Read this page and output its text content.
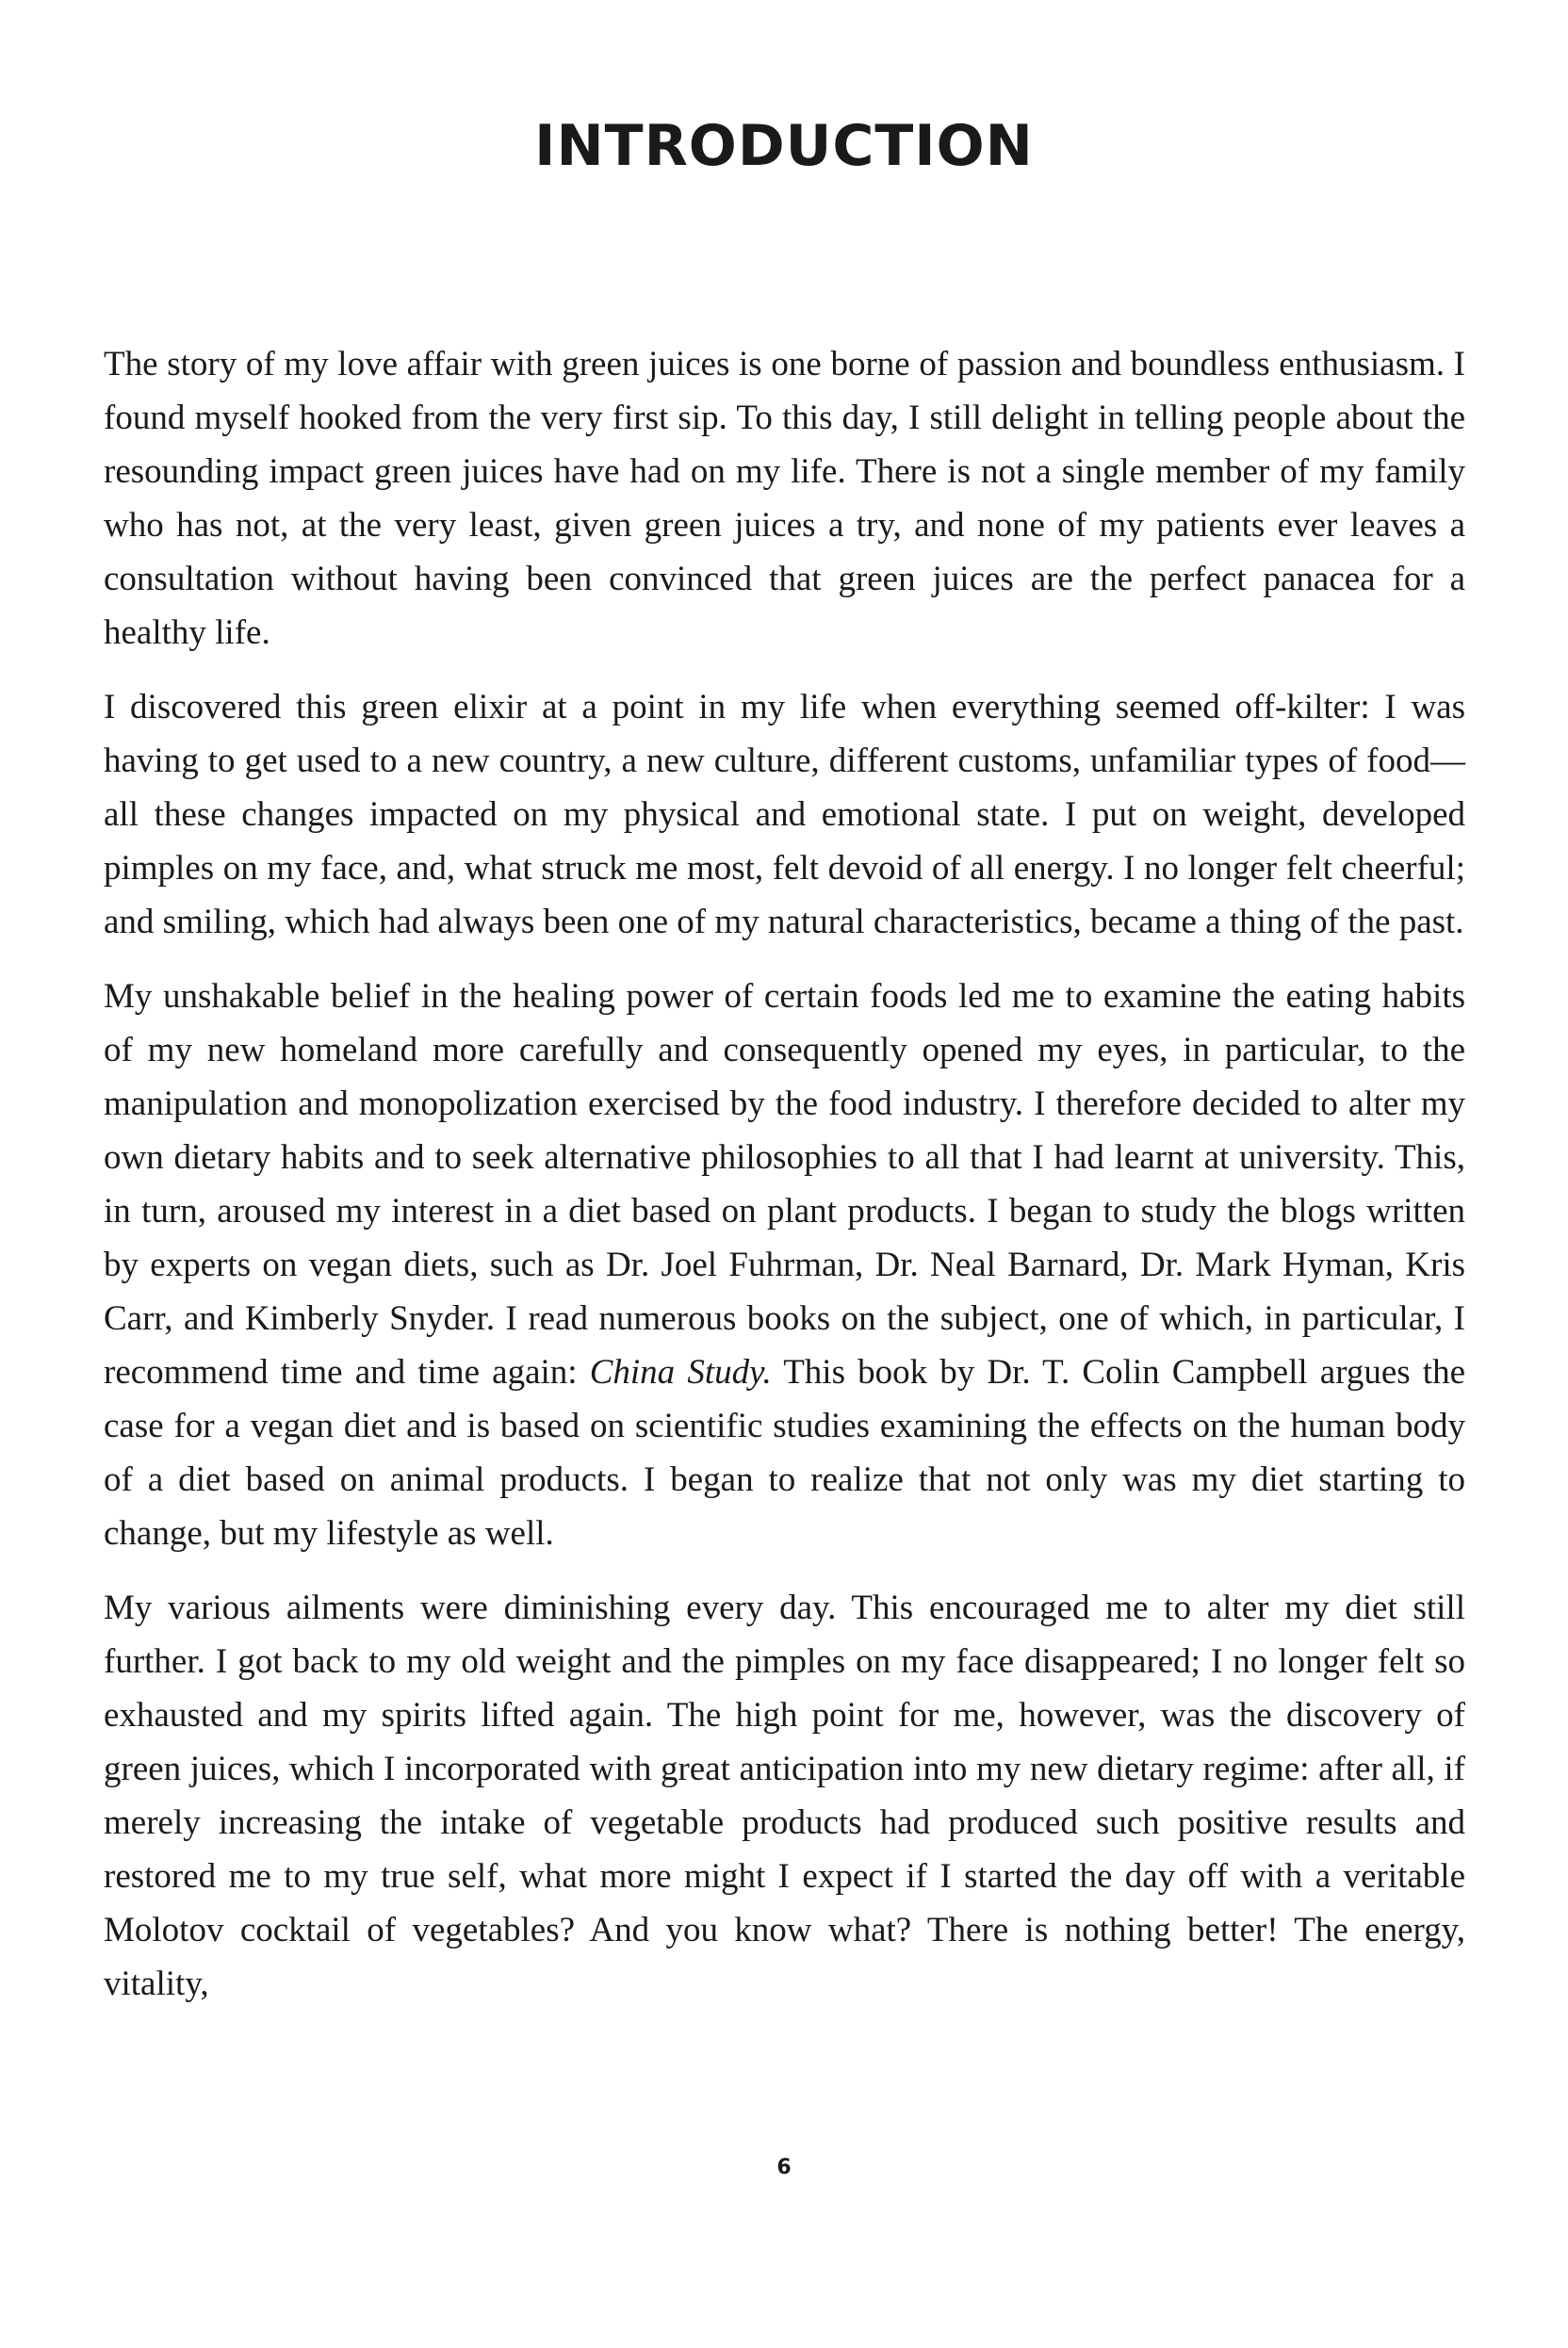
INTRODUCTION

The story of my love affair with green juices is one borne of passion and boundless enthusiasm. I found myself hooked from the very first sip. To this day, I still delight in telling people about the resounding impact green juices have had on my life. There is not a single member of my family who has not, at the very least, given green juices a try, and none of my patients ever leaves a consultation without having been convinced that green juices are the perfect panacea for a healthy life.

I discovered this green elixir at a point in my life when everything seemed off-kilter: I was having to get used to a new country, a new culture, different customs, unfamiliar types of food—all these changes impacted on my physical and emotional state. I put on weight, developed pimples on my face, and, what struck me most, felt devoid of all energy. I no longer felt cheerful; and smiling, which had always been one of my natural characteristics, became a thing of the past.

My unshakable belief in the healing power of certain foods led me to examine the eating habits of my new homeland more carefully and consequently opened my eyes, in particular, to the manipulation and monopolization exercised by the food industry. I therefore decided to alter my own dietary habits and to seek alternative philosophies to all that I had learnt at university. This, in turn, aroused my interest in a diet based on plant products. I began to study the blogs written by experts on vegan diets, such as Dr. Joel Fuhrman, Dr. Neal Barnard, Dr. Mark Hyman, Kris Carr, and Kimberly Snyder. I read numerous books on the subject, one of which, in particular, I recommend time and time again: China Study. This book by Dr. T. Colin Campbell argues the case for a vegan diet and is based on scientific studies examining the effects on the human body of a diet based on animal products. I began to realize that not only was my diet starting to change, but my lifestyle as well.

My various ailments were diminishing every day. This encouraged me to alter my diet still further. I got back to my old weight and the pimples on my face disappeared; I no longer felt so exhausted and my spirits lifted again. The high point for me, however, was the discovery of green juices, which I incorporated with great anticipation into my new dietary regime: after all, if merely increasing the intake of vegetable products had produced such positive results and restored me to my true self, what more might I expect if I started the day off with a veritable Molotov cocktail of vegetables? And you know what? There is nothing better! The energy, vitality,

6
